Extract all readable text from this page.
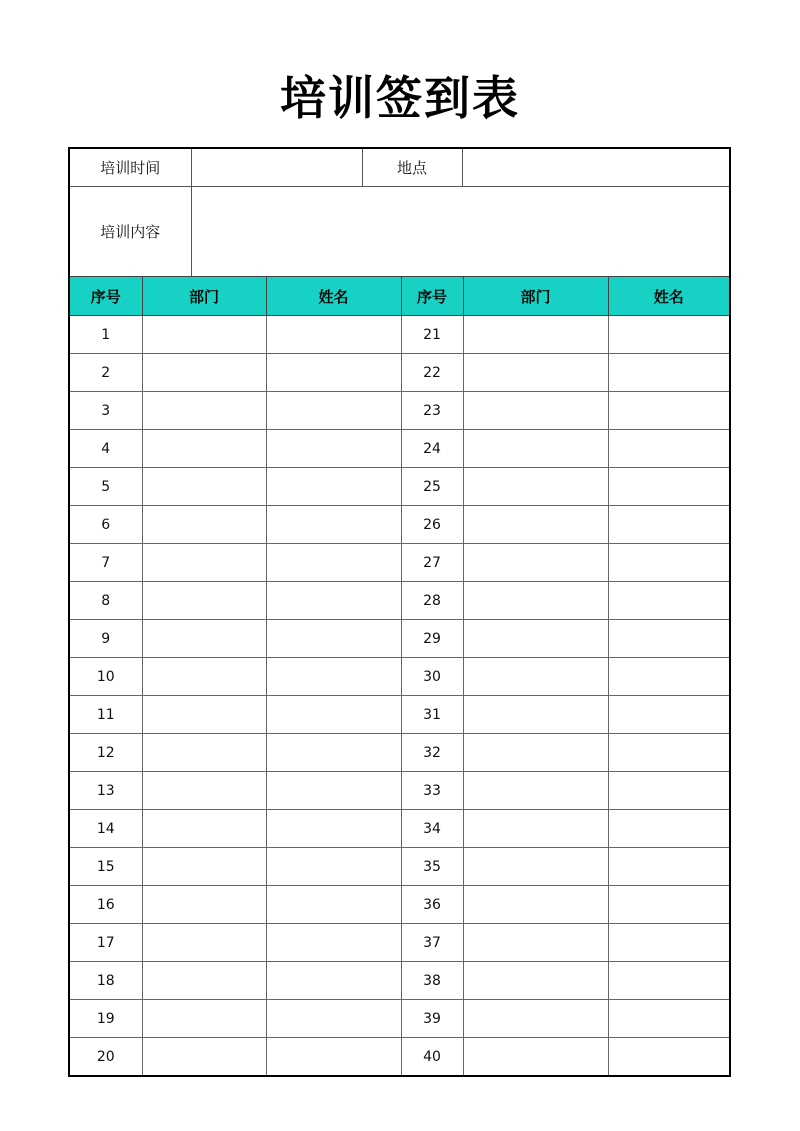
培训签到表
培训时间		地点	
培训内容			
序号	部门	姓名	序号	部门	姓名
1			21		
2			22		
3			23		
4			24		
5			25		
6			26		
7			27		
8			28		
9			29		
10			30		
11			31		
12			32		
13			33		
14			34		
15			35		
16			36		
17			37		
18			38		
19			39		
20			40		
